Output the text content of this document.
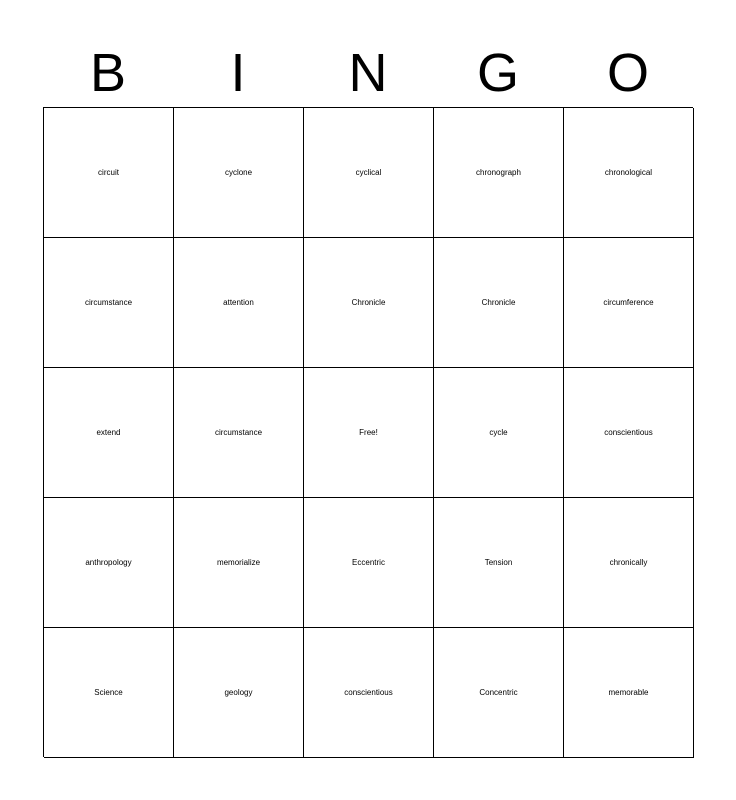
B	I	N	G	O
circuit	cyclone	cyclical	chronograph	chronological
circumstance	attention	Chronicle	Chronicle	circumference
extend	circumstance	Free!	cycle	conscientious
anthropology	memorialize	Eccentric	Tension	chronically
Science	geology	conscientious	Concentric	memorable
